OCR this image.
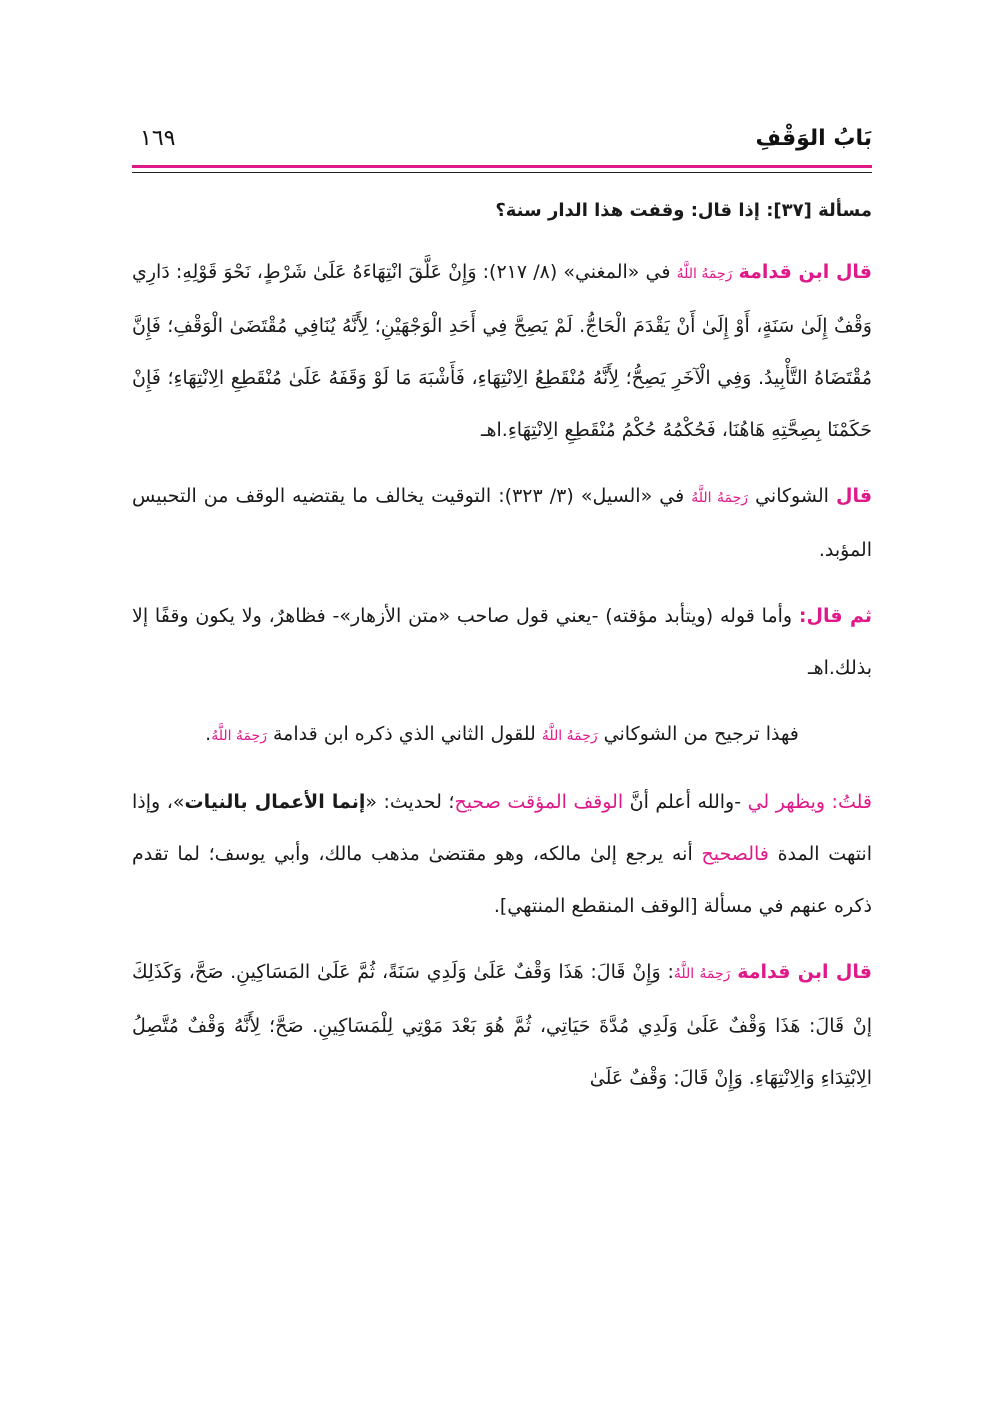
بَابُ الوَقْفِ
١٦٩
مسألة [٣٧]: إذا قال: وقفت هذا الدار سنة؟

قال ابن قدامة رَحِمَهُ اللَّهُ في «المغني» (٨/ ٢١٧): وَإِنْ عَلَّقَ انْتِهَاءَهُ عَلَىٰ شَرْطٍ، نَحْوَ قَوْلِهِ: دَارِي وَقْفٌ إِلَىٰ سَنَةٍ، أَوْ إِلَىٰ أَنْ يَقْدَمَ الْحَاجُّ. لَمْ يَصِحَّ فِي أَحَدِ الْوَجْهَيْنِ؛ لِأَنَّهُ يُنَافِي مُقْتَضَىٰ الْوَقْفِ؛ فَإِنَّ مُقْتَضَاهُ التَّأْبِيدُ. وَفِي الْآخَرِ يَصِحُّ؛ لِأَنَّهُ مُنْقَطِعُ الِانْتِهَاءِ، فَأَشْبَهَ مَا لَوْ وَقَفَهُ عَلَىٰ مُنْقَطِعِ الِانْتِهَاءِ؛ فَإِنْ حَكَمْنَا بِصِحَّتِهِ هَاهُنَا، فَحُكْمُهُ حُكْمُ مُنْقَطِعِ الِانْتِهَاءِ.اهـ

قال الشوكاني رَحِمَهُ اللَّهُ في «السيل» (٣/ ٣٢٣): التوقيت يخالف ما يقتضيه الوقف من التحبيس المؤبد.

ثم قال: وأما قوله (ويتأبد مؤقته) -يعني قول صاحب «متن الأزهار»- فظاهرٌ، ولا يكون وقفًا إلا بذلك.اهـ

فهذا ترجيح من الشوكاني رَحِمَهُ اللَّهُ للقول الثاني الذي ذكره ابن قدامة رَحِمَهُ اللَّهُ.

قلتُ: ويظهر لي -والله أعلم أنَّ الوقف المؤقت صحيح؛ لحديث: «إنما الأعمال بالنيات»، وإذا انتهت المدة فالصحيح أنه يرجع إلىٰ مالكه، وهو مقتضىٰ مذهب مالك، وأبي يوسف؛ لما تقدم ذكره عنهم في مسألة [الوقف المنقطع المنتهي].

قال ابن قدامة رَحِمَهُ اللَّهُ: وَإِنْ قَالَ: هَذَا وَقْفٌ عَلَىٰ وَلَدِي سَنَةً، ثُمَّ عَلَىٰ المَسَاكِينِ. صَحَّ، وَكَذَلِكَ إنْ قَالَ: هَذَا وَقْفٌ عَلَىٰ وَلَدِي مُدَّةَ حَيَاتِي، ثُمَّ هُوَ بَعْدَ مَوْتِي لِلْمَسَاكِينِ. صَحَّ؛ لِأَنَّهُ وَقْفٌ مُتَّصِلُ الِابْتِدَاءِ وَالِانْتِهَاءِ. وَإِنْ قَالَ: وَقْفٌ عَلَىٰ
